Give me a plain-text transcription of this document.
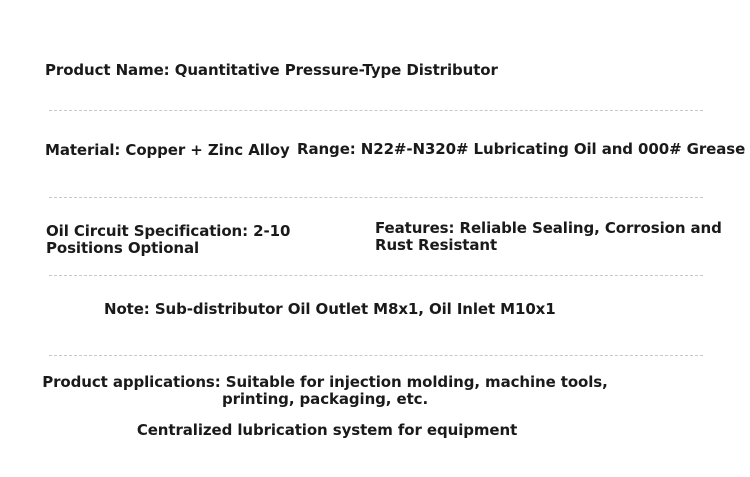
Product Name: Quantitative Pressure-Type Distributor
Material: Copper + Zinc Alloy Range: N22#-N320# Lubricating Oil and 000# Grease
Oil Circuit Specification: 2-10
Positions Optional
Features: Reliable Sealing, Corrosion and
Rust Resistant
Note: Sub-distributor Oil Outlet M8x1, Oil Inlet M10x1
Product applications: Suitable for injection molding, machine tools,
printing, packaging, etc.
Centralized lubrication system for equipment
